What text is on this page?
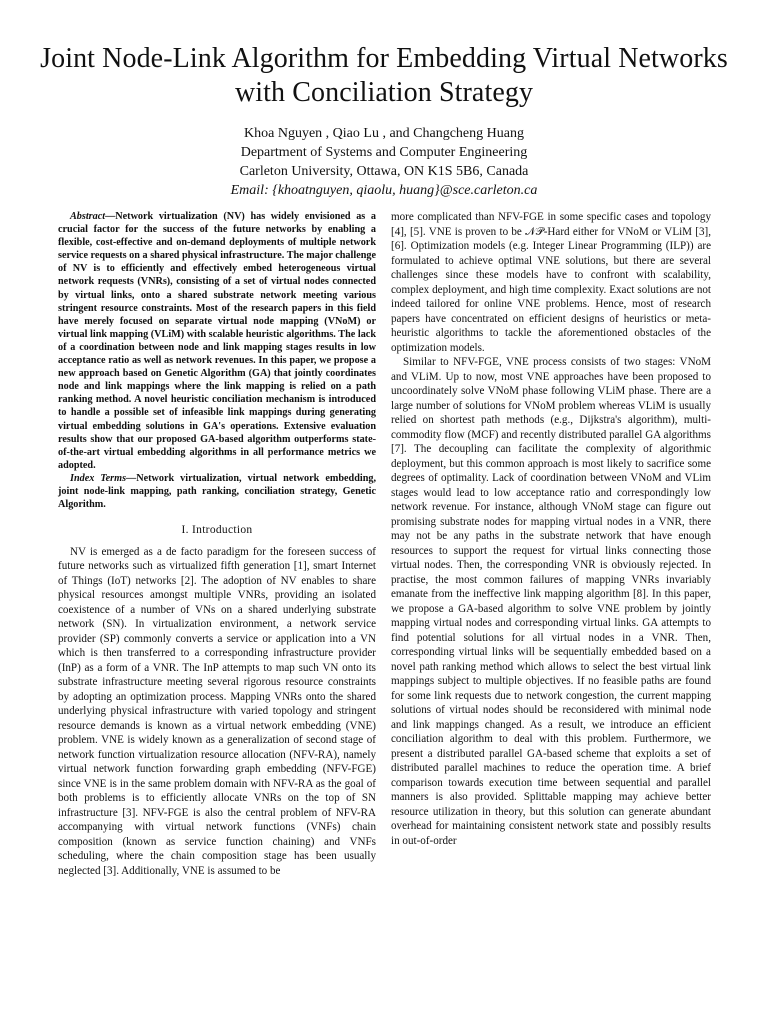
Joint Node-Link Algorithm for Embedding Virtual Networks with Conciliation Strategy
Khoa Nguyen , Qiao Lu , and Changcheng Huang
Department of Systems and Computer Engineering
Carleton University, Ottawa, ON K1S 5B6, Canada
Email: {khoatnguyen, qiaolu, huang}@sce.carleton.ca

Abstract—Network virtualization (NV) has widely envisioned as a crucial factor for the success of the future networks by enabling a flexible, cost-effective and on-demand deployments of multiple network service requests on a shared physical infrastructure. The major challenge of NV is to efficiently and effectively embed heterogeneous virtual network requests (VNRs), consisting of a set of virtual nodes connected by virtual links, onto a shared substrate network meeting various stringent resource constraints. Most of the research papers in this field have merely focused on separate virtual node mapping (VNoM) or virtual link mapping (VLiM) with scalable heuristic algorithms. The lack of a coordination between node and link mapping stages results in low acceptance ratio as well as network revenues. In this paper, we propose a new approach based on Genetic Algorithm (GA) that jointly coordinates node and link mappings where the link mapping is relied on a path ranking method. A novel heuristic conciliation mechanism is introduced to handle a possible set of infeasible link mappings during generating virtual embedding solutions in GA's operations. Extensive evaluation results show that our proposed GA-based algorithm outperforms state-of-the-art virtual embedding algorithms in all performance metrics we adopted.

Index Terms—Network virtualization, virtual network embedding, joint node-link mapping, path ranking, conciliation strategy, Genetic Algorithm.

I. Introduction

NV is emerged as a de facto paradigm for the foreseen success of future networks such as virtualized fifth generation [1], smart Internet of Things (IoT) networks [2]. The adoption of NV enables to share physical resources amongst multiple VNRs, providing an isolated coexistence of a number of VNs on a shared underlying substrate network (SN). In virtualization environment, a network service provider (SP) commonly converts a service or application into a VN which is then transferred to a corresponding infrastructure provider (InP) as a form of a VNR. The InP attempts to map such VN onto its substrate infrastructure meeting several rigorous resource constraints by adopting an optimization process. Mapping VNRs onto the shared underlying physical infrastructure with varied topology and stringent resource demands is known as a virtual network embedding (VNE) problem. VNE is widely known as a generalization of second stage of network function virtualization resource allocation (NFV-RA), namely virtual network function forwarding graph embedding (NFV-FGE) since VNE is in the same problem domain with NFV-RA as the goal of both problems is to efficiently allocate VNRs on the top of SN infrastructure [3]. NFV-FGE is also the central problem of NFV-RA accompanying with virtual network functions (VNFs) chain composition (known as service function chaining) and VNFs scheduling, where the chain composition stage has been usually neglected [3]. Additionally, VNE is assumed to be

more complicated than NFV-FGE in some specific cases and topology [4], [5]. VNE is proven to be 𝒩𝒫-Hard either for VNoM or VLiM [3], [6]. Optimization models (e.g. Integer Linear Programming (ILP)) are formulated to achieve optimal VNE solutions, but there are several challenges since these models have to confront with scalability, complex deployment, and high time complexity. Exact solutions are not indeed tailored for online VNE problems. Hence, most of research papers have concentrated on efficient designs of heuristics or meta-heuristic algorithms to tackle the aforementioned obstacles of the optimization models.

Similar to NFV-FGE, VNE process consists of two stages: VNoM and VLiM. Up to now, most VNE approaches have been proposed to uncoordinately solve VNoM phase following VLiM phase. There are a large number of solutions for VNoM problem whereas VLiM is usually relied on shortest path methods (e.g., Dijkstra's algorithm), multi-commodity flow (MCF) and recently distributed parallel GA algorithms [7]. The decoupling can facilitate the complexity of algorithmic deployment, but this common approach is most likely to sacrifice some degrees of optimality. Lack of coordination between VNoM and VLim stages would lead to low acceptance ratio and correspondingly low network revenue. For instance, although VNoM stage can figure out promising substrate nodes for mapping virtual nodes in a VNR, there may not be any paths in the substrate network that have enough resources to support the request for virtual links connecting those virtual nodes. Then, the corresponding VNR is obviously rejected. In practise, the most common failures of mapping VNRs invariably emanate from the ineffective link mapping algorithm [8]. In this paper, we propose a GA-based algorithm to solve VNE problem by jointly mapping virtual nodes and corresponding virtual links. GA attempts to find potential solutions for all virtual nodes in a VNR. Then, corresponding virtual links will be sequentially embedded based on a novel path ranking method which allows to select the best virtual link mappings subject to multiple objectives. If no feasible paths are found for some link requests due to network congestion, the current mapping solutions of virtual nodes should be reconsidered with minimal node and link mappings changed. As a result, we introduce an efficient conciliation algorithm to deal with this problem. Furthermore, we present a distributed parallel GA-based scheme that exploits a set of distributed parallel machines to reduce the operation time. A brief comparison towards execution time between sequential and parallel manners is also provided. Splittable mapping may achieve better resource utilization in theory, but this solution can generate abundant overhead for maintaining consistent network state and possibly results in out-of-order
